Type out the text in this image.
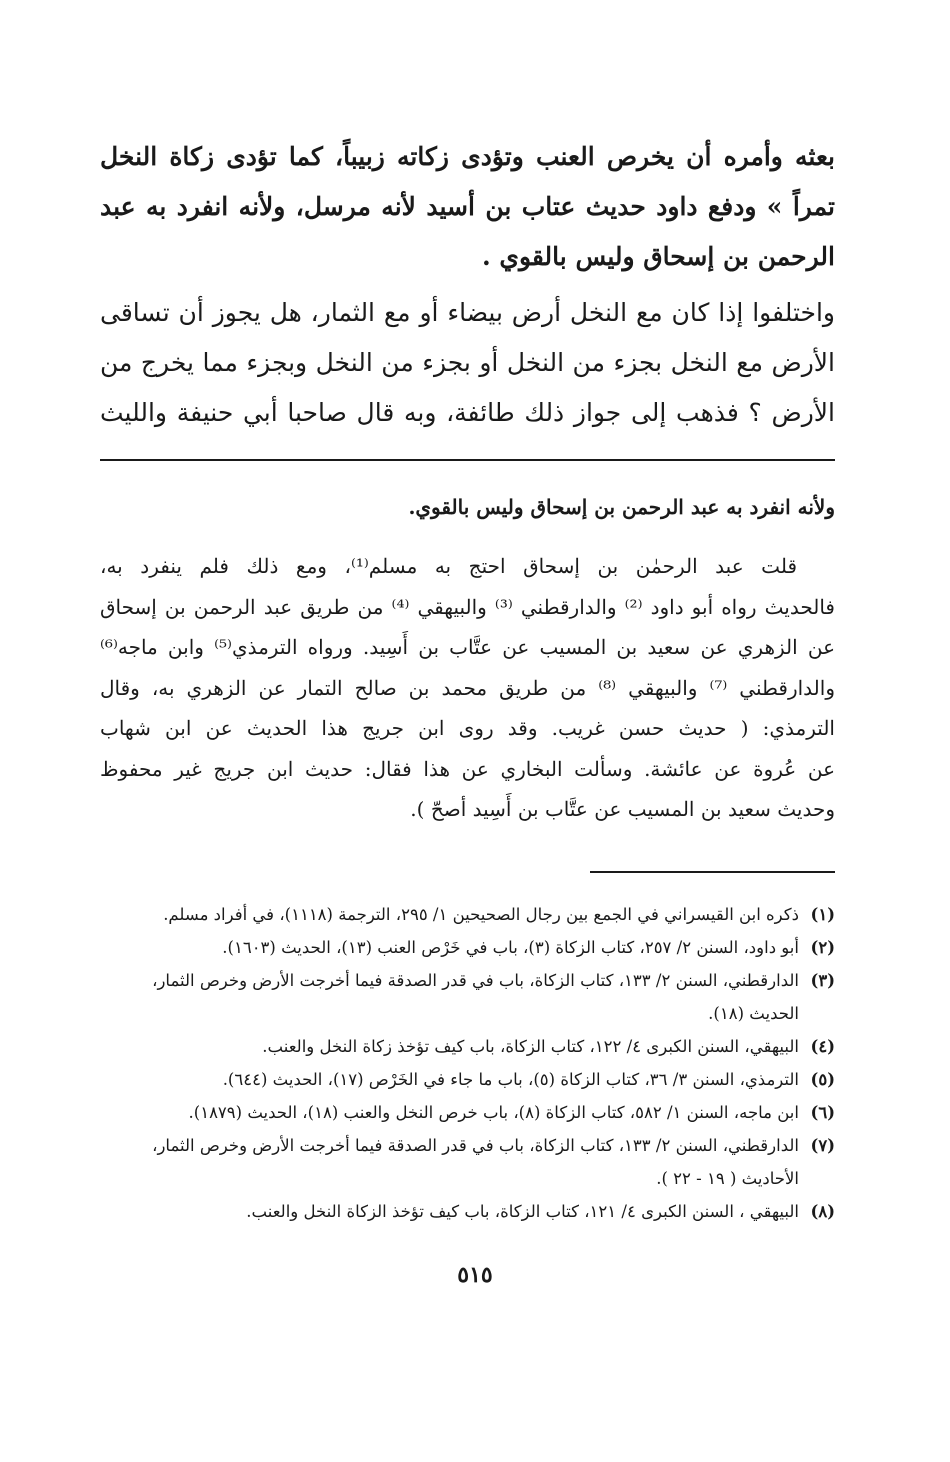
بعثه وأمره أن يخرص العنب وتؤدى زكاته زبيباً، كما تؤدى زكاة النخل
تمراً » ودفع داود حديث عتاب بن أسيد لأنه مرسل، ولأنه انفرد به عبد
الرحمن بن إسحاق وليس بالقوي .
واختلفوا إذا كان مع النخل أرض بيضاء أو مع الثمار، هل يجوز أن تساقى
الأرض مع النخل بجزء من النخل أو بجزء من النخل وبجزء مما يخرج من
الأرض ؟ فذهب إلى جواز ذلك طائفة، وبه قال صاحبا أبي حنيفة والليث
ولأنه انفرد به عبد الرحمن بن إسحاق وليس بالقوي.
قلت عبد الرحمٰن بن إسحاق احتج به مسلم⁽¹⁾، ومع ذلك فلم ينفرد به،
فالحديث رواه أبو داود ⁽²⁾ والدارقطني ⁽³⁾ والبيهقي ⁽⁴⁾ من طريق عبد الرحمن بن إسحاق
عن الزهري عن سعيد بن المسيب عن عتَّاب بن أَسِيد. ورواه الترمذي⁽⁵⁾ وابن ماجه⁽⁶⁾
والدارقطني ⁽⁷⁾ والبيهقي ⁽⁸⁾ من طريق محمد بن صالح التمار عن الزهري به، وقال
الترمذي: ( حديث حسن غريب. وقد روى ابن جريج هذا الحديث عن ابن شهاب
عن عُروة عن عائشة. وسألت البخاري عن هذا فقال: حديث ابن جريج غير محفوظ
وحديث سعيد بن المسيب عن عتَّاب بن أَسِيد أصحّ ).
(١)
ذكره ابن القيسراني في الجمع بين رجال الصحيحين ١/ ٢٩٥، الترجمة (١١١٨)، في أفراد مسلم.
(٢)
أبو داود، السنن ٢/ ٢٥٧، كتاب الزكاة (٣)، باب في خَرْص العنب (١٣)، الحديث (١٦٠٣).
(٣)
الدارقطني، السنن ٢/ ١٣٣، كتاب الزكاة، باب في قدر الصدقة فيما أخرجت الأرض وخرص الثمار،
الحديث (١٨).
(٤)
البيهقي، السنن الكبرى ٤/ ١٢٢، كتاب الزكاة، باب كيف تؤخذ زكاة النخل والعنب.
(٥)
الترمذي، السنن ٣/ ٣٦، كتاب الزكاة (٥)، باب ما جاء في الخَرْص (١٧)، الحديث (٦٤٤).
(٦)
ابن ماجه، السنن ١/ ٥٨٢، كتاب الزكاة (٨)، باب خرص النخل والعنب (١٨)، الحديث (١٨٧٩).
(٧)
الدارقطني، السنن ٢/ ١٣٣، كتاب الزكاة، باب في قدر الصدقة فيما أخرجت الأرض وخرص الثمار،
الأحاديث ( ١٩ - ٢٢ ).
(٨)
البيهقي ، السنن الكبرى ٤/ ١٢١، كتاب الزكاة، باب كيف تؤخذ الزكاة النخل والعنب.
٥١٥
